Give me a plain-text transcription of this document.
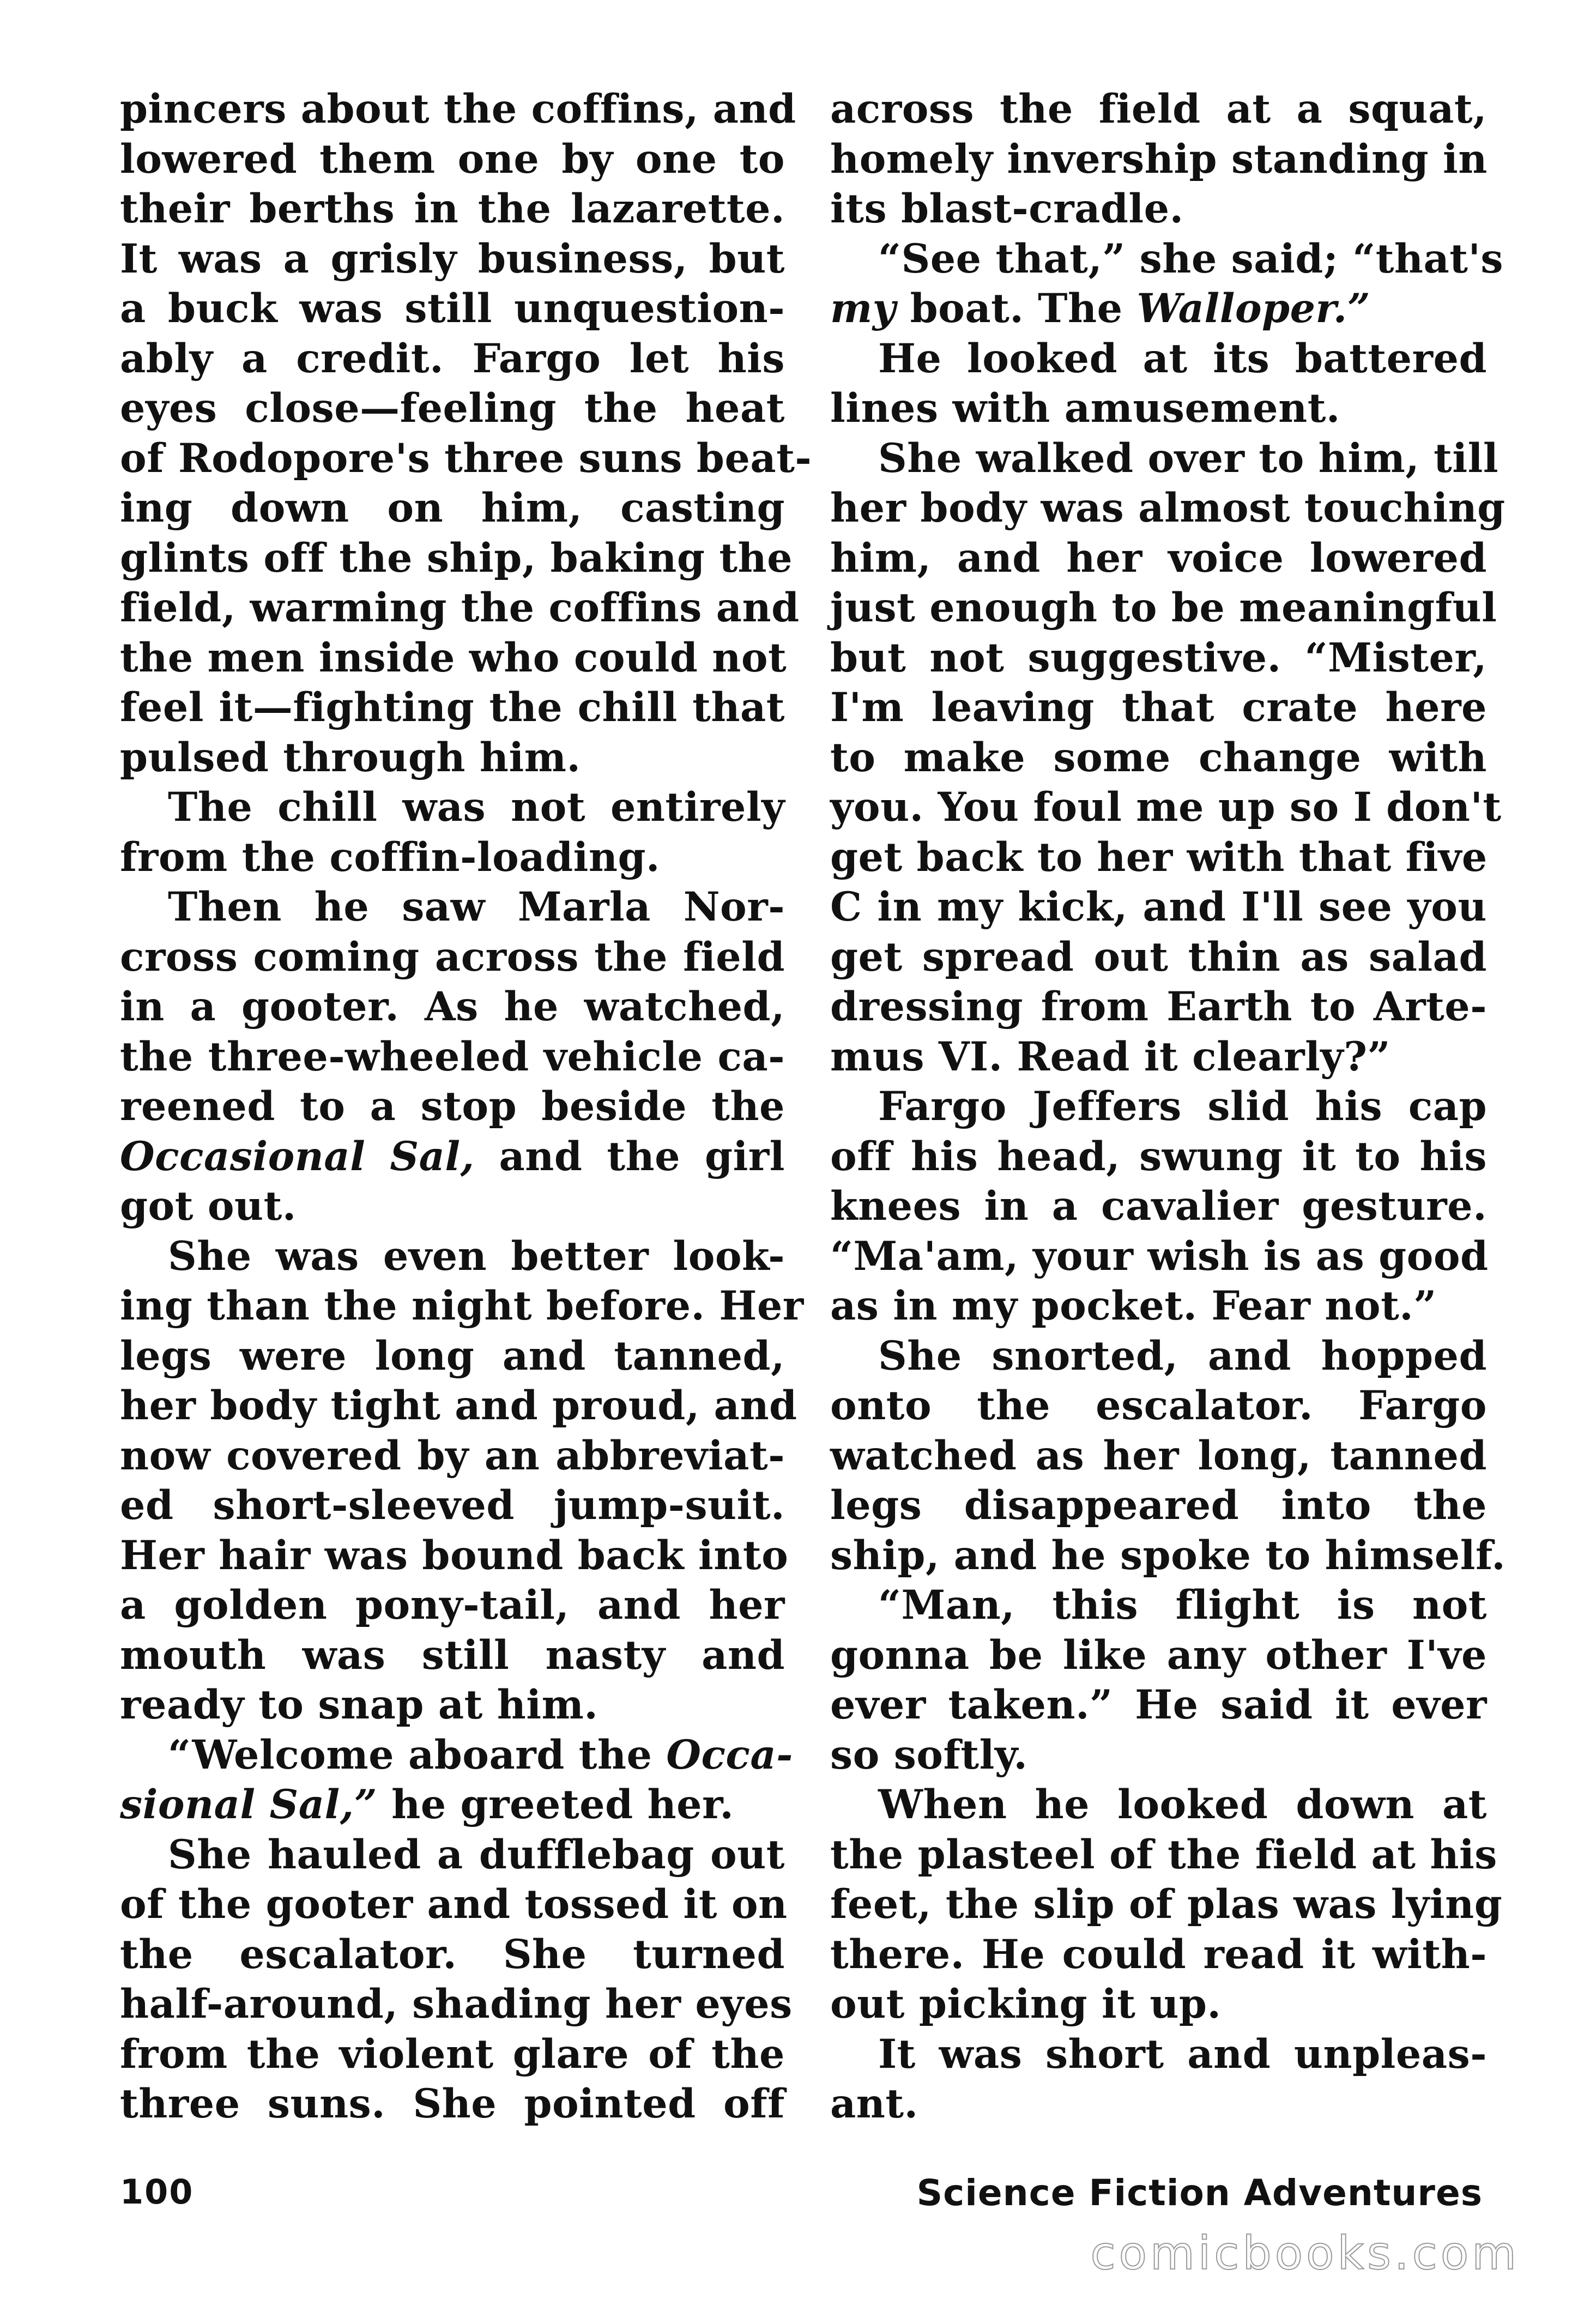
pincers about the coffins, and
lowered them one by one to
their berths in the lazarette.
It was a grisly business, but
a buck was still unquestion-
ably a credit. Fargo let his
eyes close—feeling the heat
of Rodopore's three suns beat-
ing down on him, casting
glints off the ship, baking the
field, warming the coffins and
the men inside who could not
feel it—fighting the chill that
pulsed through him.
The chill was not entirely
from the coffin-loading.
Then he saw Marla Nor-
cross coming across the field
in a gooter. As he watched,
the three-wheeled vehicle ca-
reened to a stop beside the
Occasional Sal, and the girl
got out.
She was even better look-
ing than the night before. Her
legs were long and tanned,
her body tight and proud, and
now covered by an abbreviat-
ed short-sleeved jump-suit.
Her hair was bound back into
a golden pony-tail, and her
mouth was still nasty and
ready to snap at him.
“Welcome aboard the Occa-
sional Sal,” he greeted her.
She hauled a dufflebag out
of the gooter and tossed it on
the escalator. She turned
half-around, shading her eyes
from the violent glare of the
three suns. She pointed off
across the field at a squat,
homely invership standing in
its blast-cradle.
“See that,” she said; “that's
my boat. The Walloper.”
He looked at its battered
lines with amusement.
She walked over to him, till
her body was almost touching
him, and her voice lowered
just enough to be meaningful
but not suggestive. “Mister,
I'm leaving that crate here
to make some change with
you. You foul me up so I don't
get back to her with that five
C in my kick, and I'll see you
get spread out thin as salad
dressing from Earth to Arte-
mus VI. Read it clearly?”
Fargo Jeffers slid his cap
off his head, swung it to his
knees in a cavalier gesture.
“Ma'am, your wish is as good
as in my pocket. Fear not.”
She snorted, and hopped
onto the escalator. Fargo
watched as her long, tanned
legs disappeared into the
ship, and he spoke to himself.
“Man, this flight is not
gonna be like any other I've
ever taken.” He said it ever
so softly.
When he looked down at
the plasteel of the field at his
feet, the slip of plas was lying
there. He could read it with-
out picking it up.
It was short and unpleas-
ant.
100	Science Fiction Adventures
comicbooks.com
